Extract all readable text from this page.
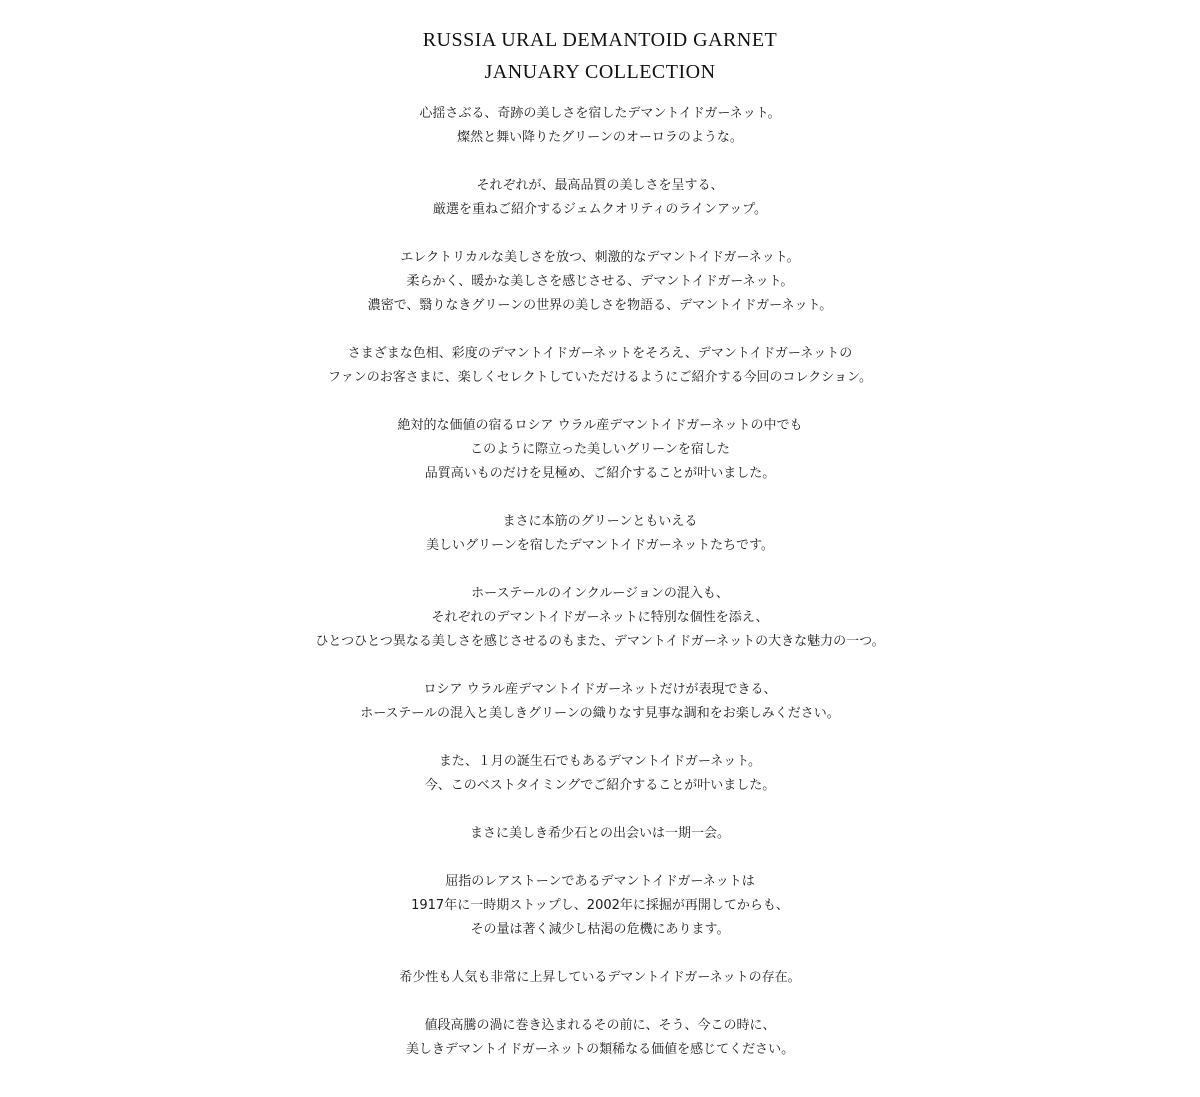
RUSSIA URAL DEMANTOID GARNET
JANUARY COLLECTION
心揺さぶる、奇跡の美しさを宿したデマントイドガーネット。
燦然と舞い降りたグリーンのオーロラのような。
それぞれが、最高品質の美しさを呈する、
厳選を重ねご紹介するジェムクオリティのラインアップ。
エレクトリカルな美しさを放つ、刺激的なデマントイドガーネット。
柔らかく、暖かな美しさを感じさせる、デマントイドガーネット。
濃密で、翳りなきグリーンの世界の美しさを物語る、デマントイドガーネット。
さまざまな色相、彩度のデマントイドガーネットをそろえ、デマントイドガーネットの
ファンのお客さまに、楽しくセレクトしていただけるようにご紹介する今回のコレクション。
絶対的な価値の宿るロシア ウラル産デマントイドガーネットの中でも
このように際立った美しいグリーンを宿した
品質高いものだけを見極め、ご紹介することが叶いました。
まさに本筋のグリーンともいえる
美しいグリーンを宿したデマントイドガーネットたちです。
ホーステールのインクルージョンの混入も、
それぞれのデマントイドガーネットに特別な個性を添え、
ひとつひとつ異なる美しさを感じさせるのもまた、デマントイドガーネットの大きな魅力の一つ。
ロシア ウラル産デマントイドガーネットだけが表現できる、
ホーステールの混入と美しきグリーンの織りなす見事な調和をお楽しみください。
また、１月の誕生石でもあるデマントイドガーネット。
今、このベストタイミングでご紹介することが叶いました。
まさに美しき希少石との出会いは一期一会。
屈指のレアストーンであるデマントイドガーネットは
1917年に一時期ストップし、2002年に採掘が再開してからも、
その量は著く減少し枯渇の危機にあります。
希少性も人気も非常に上昇しているデマントイドガーネットの存在。
値段高騰の渦に巻き込まれるその前に、そう、今この時に、
美しきデマントイドガーネットの類稀なる価値を感じてください。
